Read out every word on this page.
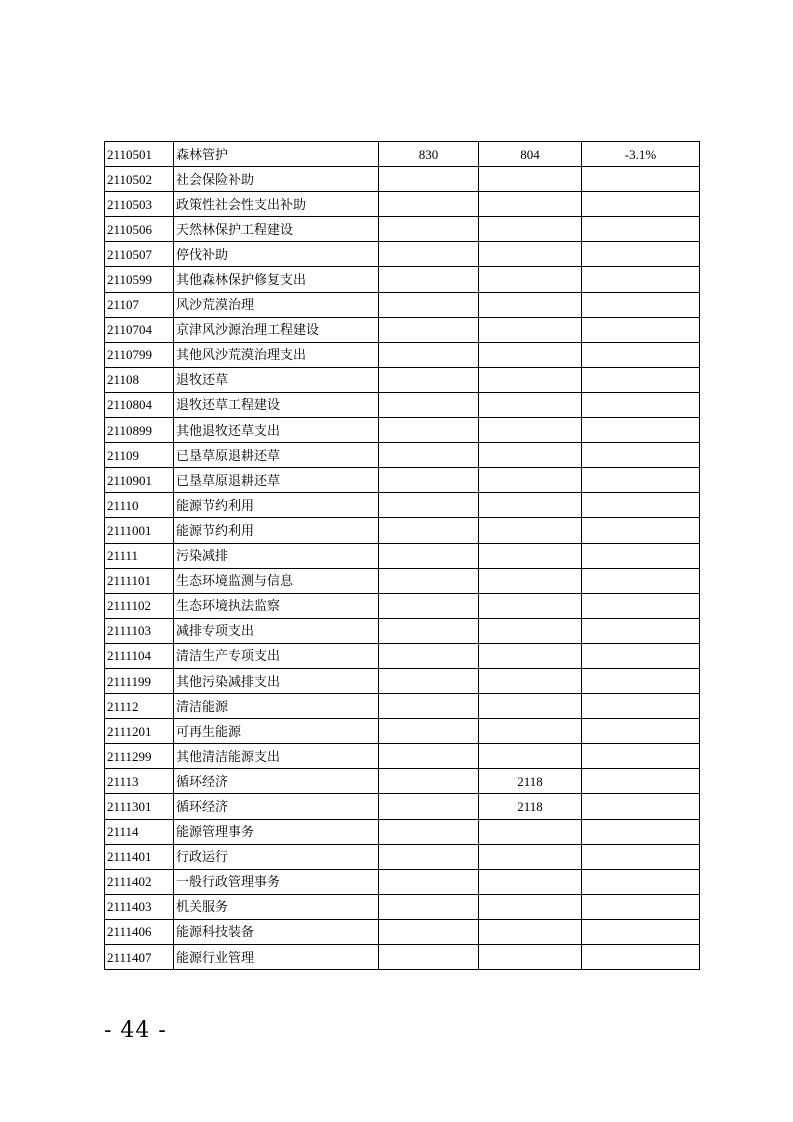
2110501	森林管护	830	804	-3.1%
2110502	社会保险补助			
2110503	政策性社会性支出补助			
2110506	天然林保护工程建设			
2110507	停伐补助			
2110599	其他森林保护修复支出			
21107	风沙荒漠治理			
2110704	京津风沙源治理工程建设			
2110799	其他风沙荒漠治理支出			
21108	退牧还草			
2110804	退牧还草工程建设			
2110899	其他退牧还草支出			
21109	已垦草原退耕还草			
2110901	已垦草原退耕还草			
21110	能源节约利用			
2111001	能源节约利用			
21111	污染减排			
2111101	生态环境监测与信息			
2111102	生态环境执法监察			
2111103	减排专项支出			
2111104	清洁生产专项支出			
2111199	其他污染减排支出			
21112	清洁能源			
2111201	可再生能源			
2111299	其他清洁能源支出			
21113	循环经济		2118	
2111301	循环经济		2118	
21114	能源管理事务			
2111401	行政运行			
2111402	一般行政管理事务			
2111403	机关服务			
2111406	能源科技装备			
2111407	能源行业管理			
- 44 -
